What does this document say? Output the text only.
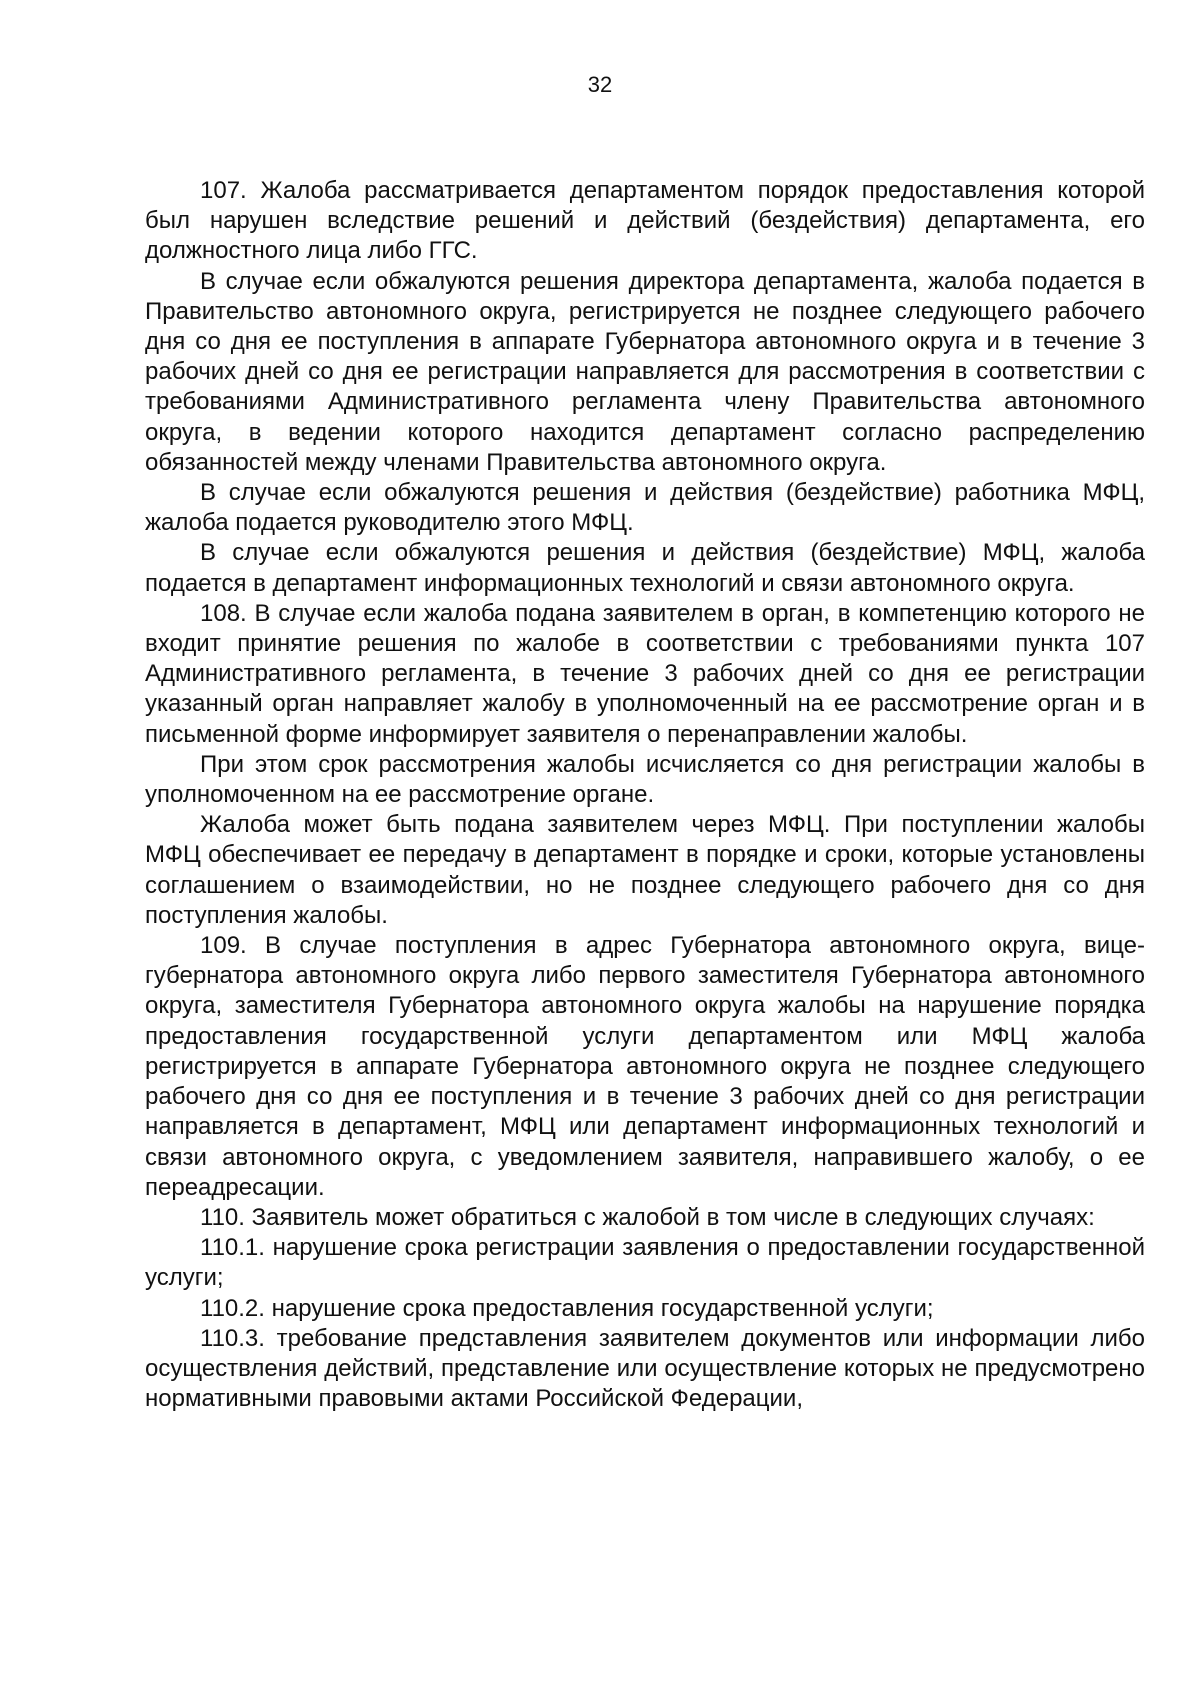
32

107. Жалоба рассматривается департаментом порядок предоставления которой был нарушен вследствие решений и действий (бездействия) департамента, его должностного лица либо ГГС.

В случае если обжалуются решения директора департамента, жалоба подается в Правительство автономного округа, регистрируется не позднее следующего рабочего дня со дня ее поступления в аппарате Губернатора автономного округа и в течение 3 рабочих дней со дня ее регистрации направляется для рассмотрения в соответствии с требованиями Административного регламента члену Правительства автономного округа, в ведении которого находится департамент согласно распределению обязанностей между членами Правительства автономного округа.

В случае если обжалуются решения и действия (бездействие) работника МФЦ, жалоба подается руководителю этого МФЦ.

В случае если обжалуются решения и действия (бездействие) МФЦ, жалоба подается в департамент информационных технологий и связи автономного округа.

108. В случае если жалоба подана заявителем в орган, в компетенцию которого не входит принятие решения по жалобе в соответствии с требованиями пункта 107 Административного регламента, в течение 3 рабочих дней со дня ее регистрации указанный орган направляет жалобу в уполномоченный на ее рассмотрение орган и в письменной форме информирует заявителя о перенаправлении жалобы.

При этом срок рассмотрения жалобы исчисляется со дня регистрации жалобы в уполномоченном на ее рассмотрение органе.

Жалоба может быть подана заявителем через МФЦ. При поступлении жалобы МФЦ обеспечивает ее передачу в департамент в порядке и сроки, которые установлены соглашением о взаимодействии, но не позднее следующего рабочего дня со дня поступления жалобы.

109. В случае поступления в адрес Губернатора автономного округа, вице-губернатора автономного округа либо первого заместителя Губернатора автономного округа, заместителя Губернатора автономного округа жалобы на нарушение порядка предоставления государственной услуги департаментом или МФЦ жалоба регистрируется в аппарате Губернатора автономного округа не позднее следующего рабочего дня со дня ее поступления и в течение 3 рабочих дней со дня регистрации направляется в департамент, МФЦ или департамент информационных технологий и связи автономного округа, с уведомлением заявителя, направившего жалобу, о ее переадресации.

110. Заявитель может обратиться с жалобой в том числе в следующих случаях:

110.1. нарушение срока регистрации заявления о предоставлении государственной услуги;

110.2. нарушение срока предоставления государственной услуги;

110.3. требование представления заявителем документов или информации либо осуществления действий, представление или осуществление которых не предусмотрено нормативными правовыми актами Российской Федерации,
